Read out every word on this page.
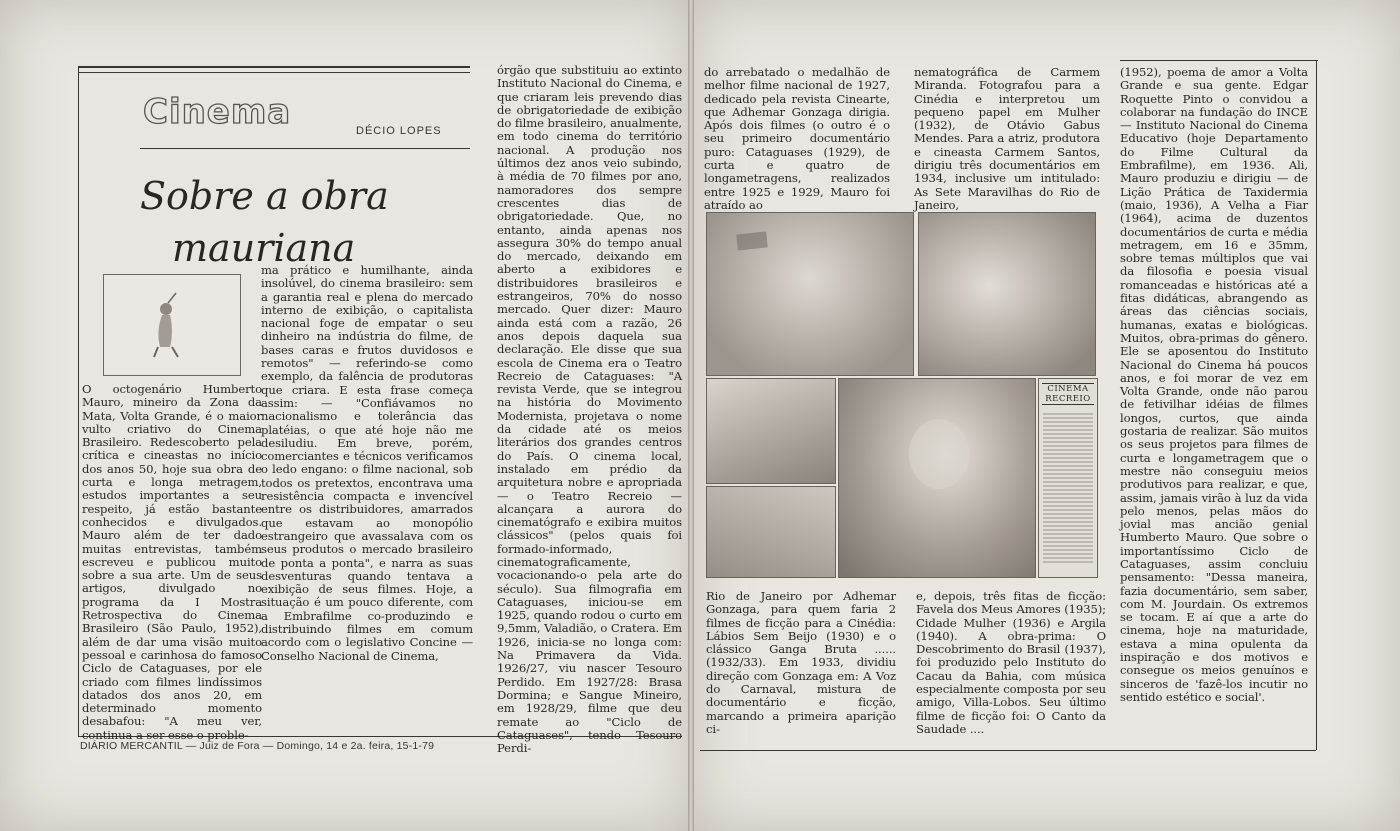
Cinema	DÉCIO LOPES
Sobre a obra
mauriana
O octogenário Humberto Mauro, mineiro da Zona da Mata, Volta Grande, é o maior vulto criativo do Cinema Brasileiro. Redescoberto pela crítica e cineastas no início dos anos 50, hoje sua obra de curta e longa metragem, estudos importantes a seu respeito, já estão bastante conhecidos e divulgados. Mauro além de ter dado muitas entrevistas, também escreveu e publicou muito sobre a sua arte. Um de seus artigos, divulgado no programa da I Mostra Retrospectiva do Cinema Brasileiro (São Paulo, 1952), além de dar uma visão muito pessoal e carinhosa do famoso Ciclo de Cataguases, por ele criado com filmes lindíssimos datados dos anos 20, em determinado momento desabafou: "A meu ver, continua a ser esse o proble-
ma prático e humilhante, ainda insolúvel, do cinema brasileiro: sem a garantia real e plena do mercado interno de exibição, o capitalista nacional foge de empatar o seu dinheiro na indústria do filme, de bases caras e frutos duvidosos e remotos" — referindo-se como exemplo, da falência de produtoras que criara. E esta frase começa assim: — "Confiávamos no nacionalismo e tolerância das platéias, o que até hoje não me desiludiu. Em breve, porém, comerciantes e técnicos verificamos o ledo engano: o filme nacional, sob todos os pretextos, encontrava uma resistência compacta e invencível entre os distribuidores, amarrados que estavam ao monopólio estrangeiro que avassalava com os seus produtos o mercado brasileiro de ponta a ponta", e narra as suas desventuras quando tentava a exibição de seus filmes. Hoje, a situação é um pouco diferente, com a Embrafilme co-produzindo e distribuindo filmes em comum acordo com o legislativo Concine — Conselho Nacional de Cinema,
órgão que substituiu ao extinto Instituto Nacional do Cinema, e que criaram leis prevendo dias de obrigatoriedade de exibição do filme brasileiro, anualmente, em todo cinema do território nacional. A produção nos últimos dez anos veio subindo, à média de 70 filmes por ano, namoradores dos sempre crescentes dias de obrigatoriedade. Que, no entanto, ainda apenas nos assegura 30% do tempo anual do mercado, deixando em aberto a exibidores e distribuidores brasileiros e estrangeiros, 70% do nosso mercado. Quer dizer: Mauro ainda está com a razão, 26 anos depois daquela sua declaração. Ele disse que sua escola de Cinema era o Teatro Recreio de Cataguases: "A revista Verde, que se integrou na história do Movimento Modernista, projetava o nome da cidade até os meios literários dos grandes centros do País. O cinema local, instalado em prédio da arquitetura nobre e apropriada — o Teatro Recreio — alcançara a aurora do cinematógrafo e exibira muitos clássicos" (pelos quais foi formado-informado, cinematograficamente, vocacionando-o pela arte do século). Sua filmografia em Cataguases, iniciou-se em 1925, quando rodou o curto em 9,5mm, Valadião, o Cratera. Em 1926, inicia-se no longa com: Na Primavera da Vida. 1926/27, viu nascer Tesouro Perdido. Em 1927/28: Brasa Dormina; e Sangue Mineiro, em 1928/29, filme que deu remate ao "Ciclo de Cataguases", tendo Tesouro Perdi-
DIÁRIO MERCANTIL — Juiz de Fora — Domingo, 14 e 2a. feira, 15-1-79
do arrebatado o medalhão de melhor filme nacional de 1927, dedicado pela revista Cinearte, que Adhemar Gonzaga dirigia. Após dois filmes (o outro é o seu primeiro documentário puro: Cataguases (1929), de curta e quatro de longametragens, realizados entre 1925 e 1929, Mauro foi atraído ao
nematográfica de Carmem Miranda. Fotografou para a Cinédia e interpretou um pequeno papel em Mulher (1932), de Otávio Gabus Mendes. Para a atriz, produtora e cineasta Carmem Santos, dirigiu três documentários em 1934, inclusive um intitulado: As Sete Maravilhas do Rio de Janeiro,
CINEMA RECREIO
Rio de Janeiro por Adhemar Gonzaga, para quem faria 2 filmes de ficção para a Cinédia: Lábios Sem Beijo (1930) e o clássico Ganga Bruta ...... (1932/33). Em 1933, dividiu direção com Gonzaga em: A Voz do Carnaval, mistura de documentário e ficção, marcando a primeira aparição ci-
e, depois, três fitas de ficção: Favela dos Meus Amores (1935); Cidade Mulher (1936) e Argila (1940). A obra-prima: O Descobrimento do Brasil (1937), foi produzido pelo Instituto do Cacau da Bahia, com música especialmente composta por seu amigo, Villa-Lobos. Seu último filme de ficção foi: O Canto da Saudade ....
(1952), poema de amor a Volta Grande e sua gente. Edgar Roquette Pinto o convidou a colaborar na fundação do INCE — Instituto Nacional do Cinema Educativo (hoje Departamento do Filme Cultural da Embrafilme), em 1936. Ali, Mauro produziu e dirigiu — de Lição Prática de Taxidermia (maio, 1936), A Velha a Fiar (1964), acima de duzentos documentários de curta e média metragem, em 16 e 35mm, sobre temas múltiplos que vai da filosofia e poesia visual romanceadas e históricas até a fitas didáticas, abrangendo as áreas das ciências sociais, humanas, exatas e biológicas. Muitos, obra-primas do gênero. Ele se aposentou do Instituto Nacional do Cinema há poucos anos, e foi morar de vez em Volta Grande, onde não parou de fetivilhar idéias de filmes longos, curtos, que ainda gostaria de realizar. São muitos os seus projetos para filmes de curta e longametragem que o mestre não conseguiu meios produtivos para realizar, e que, assim, jamais virão à luz da vida pelo menos, pelas mãos do jovial mas ancião genial Humberto Mauro. Que sobre o importantíssimo Ciclo de Cataguases, assim concluiu pensamento: "Dessa maneira, fazia documentário, sem saber, com M. Jourdain. Os extremos se tocam. E aí que a arte do cinema, hoje na maturidade, estava a mina opulenta da inspiração e dos motivos e consegue os meios genuínos e sinceros de 'fazê-los incutir no sentido estético e social'.
